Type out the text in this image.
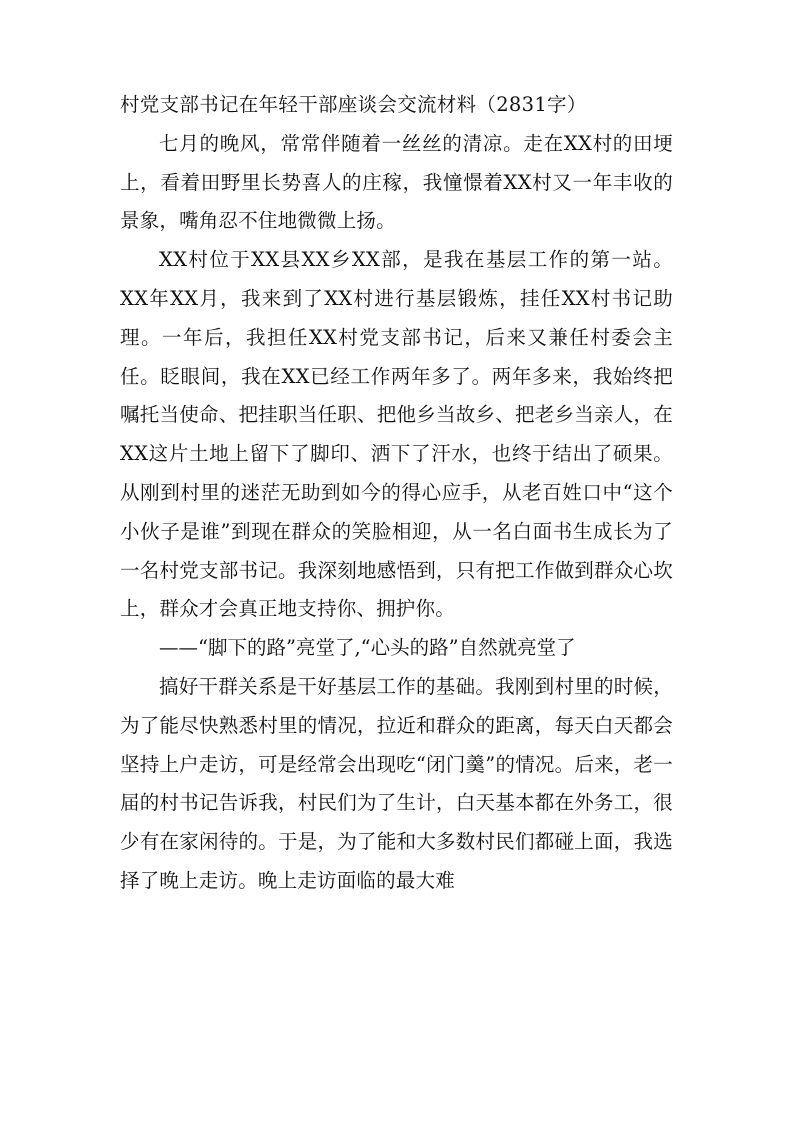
村党支部书记在年轻干部座谈会交流材料（2831字）

七月的晚风，常常伴随着一丝丝的清凉。走在XX村的田埂上，看着田野里长势喜人的庄稼，我憧憬着XX村又一年丰收的景象，嘴角忍不住地微微上扬。

XX村位于XX县XX乡XX部，是我在基层工作的第一站。XX年XX月，我来到了XX村进行基层锻炼，挂任XX村书记助理。一年后，我担任XX村党支部书记，后来又兼任村委会主任。眨眼间，我在XX已经工作两年多了。两年多来，我始终把嘱托当使命、把挂职当任职、把他乡当故乡、把老乡当亲人，在XX这片土地上留下了脚印、洒下了汗水，也终于结出了硕果。从刚到村里的迷茫无助到如今的得心应手，从老百姓口中“这个小伙子是谁”到现在群众的笑脸相迎，从一名白面书生成长为了一名村党支部书记。我深刻地感悟到，只有把工作做到群众心坎上，群众才会真正地支持你、拥护你。

——“脚下的路”亮堂了,“心头的路”自然就亮堂了

搞好干群关系是干好基层工作的基础。我刚到村里的时候，为了能尽快熟悉村里的情况，拉近和群众的距离，每天白天都会坚持上户走访，可是经常会出现吃“闭门羹”的情况。后来，老一届的村书记告诉我，村民们为了生计，白天基本都在外务工，很少有在家闲待的。于是，为了能和大多数村民们都碰上面，我选择了晚上走访。晚上走访面临的最大难
